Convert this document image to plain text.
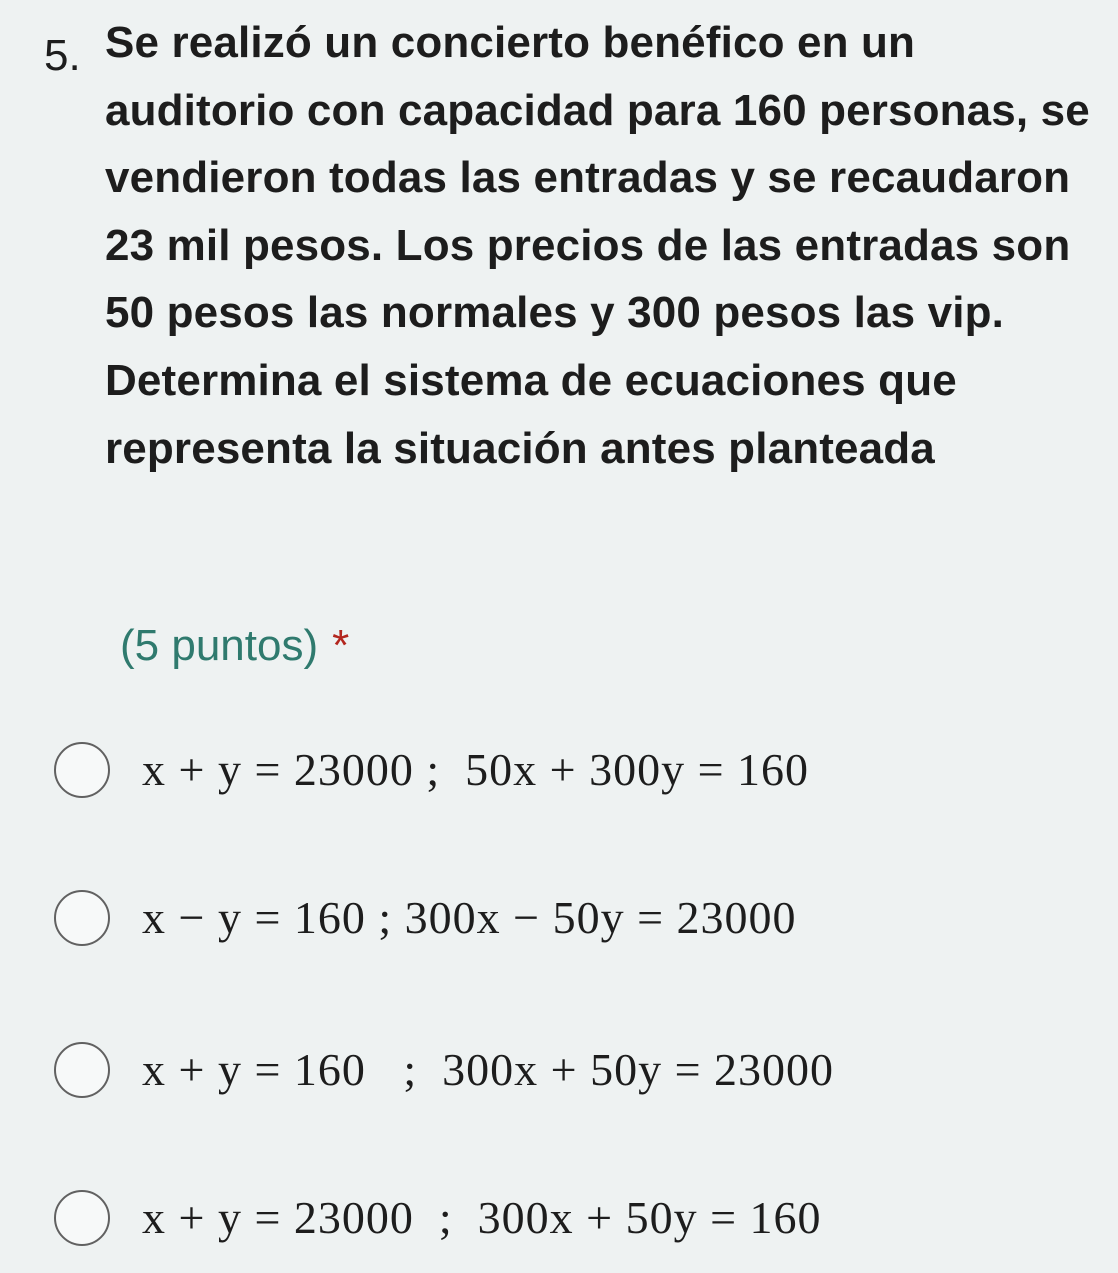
5. Se realizó un concierto benéfico en un auditorio con capacidad para 160 personas, se vendieron todas las entradas y se recaudaron 23 mil pesos. Los precios de las entradas son 50 pesos las normales y 300 pesos las vip. Determina el sistema de ecuaciones que representa la situación antes planteada
(5 puntos) *
x + y = 23000 ;  50x + 300y = 160
x − y = 160 ; 300x − 50y = 23000
x + y = 160   ;  300x + 50y = 23000
x + y = 23000  ;  300x + 50y = 160
